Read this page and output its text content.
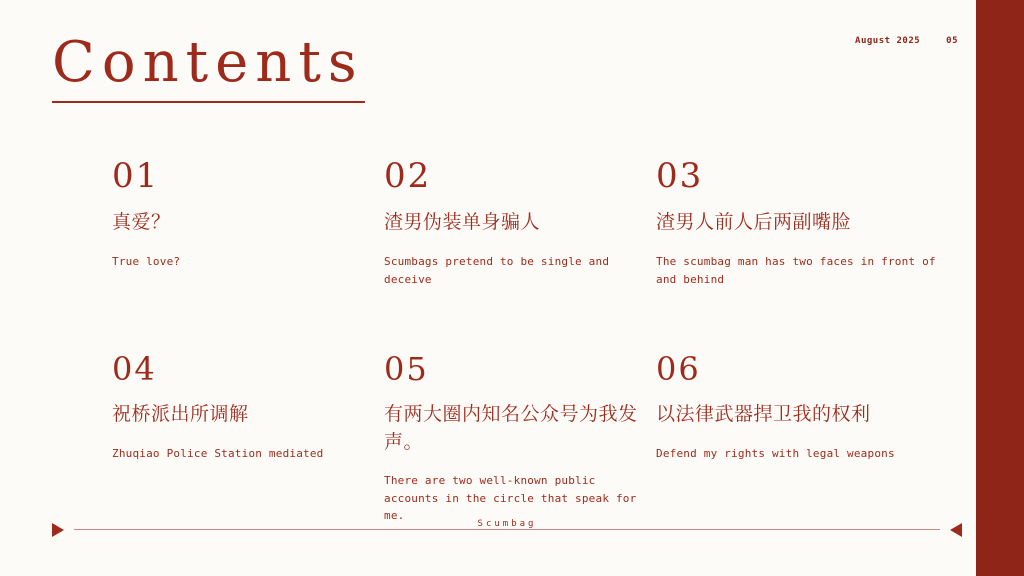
August 2025	05
Contents
01
真爱？
True love?
02
渣男伪装单身骗人
Scumbags pretend to be single and deceive
03
渣男人前人后两副嘴脸
The scumbag man has two faces in front of and behind
04
祝桥派出所调解
Zhuqiao Police Station mediated
05
有两大圈内知名公众号为我发声。
There are two well-known public accounts in the circle that speak for me.
06
以法律武器捍卫我的权利
Defend my rights with legal weapons
Scumbag
